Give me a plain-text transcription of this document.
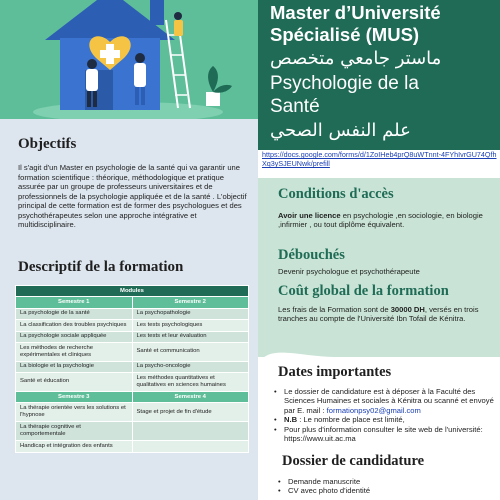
Master d’Université
Spécialisé (MUS)
ماستر جامعي متخصص
Psychologie de la
Santé
علم النفس الصحي
https://docs.google.com/forms/d/1ZoIHeb4prQ8uWTnnt-4FYhIvrGU74QfhXq3ySJEUNwk/prefill
Objectifs
Il s'agit d'un Master en psychologie de la santé qui va garantir une formation scientifique : théorique, méthodologique et pratique assurée par un groupe de professeurs universitaires et de professionnels de la psychologie appliquée et de la santé . L'objectif principal de cette formation est de former des psychologues et des psychothérapeutes selon une approche intégrative et multidisciplinaire.
Descriptif de la formation
Modules	
Semestre 1	Semestre 2
La psychologie de la santé	La psychopathologie
La classification des troubles psychiques	Les tests psychologiques
La psychologie sociale appliquée	Les tests et leur évaluation
Les méthodes de recherche expérimentales et cliniques	Santé et communication
La biologie et la psychologie	La psycho-oncologie
Santé et éducation	Les méthodes quantitatives et qualitatives en sciences humaines
Semestre 3	Semestre 4
La thérapie orientée vers les solutions et l'hypnose	Stage et projet de fin d'étude
La thérapie cognitive et comportementale	
Handicap et intégration des enfants	
Conditions d'accès
Avoir une licence en psychologie ,en sociologie, en biologie ,infirmier , ou tout diplôme équivalent.
Débouchés
Devenir psychologue et psychothérapeute
Coût global de la formation
Les frais de la Formation sont de 30000 DH, versés en trois tranches au compte de l'Université Ibn Tofail de Kénitra.
Dates importantes
• Le dossier de candidature est à déposer à la Faculté des Sciences Humaines et sociales à Kénitra ou scanné et envoyé par E. mail : formationpsy02@gmail.com
• N.B : Le nombre de place est limité,
• Pour plus d'information consulter le site web de l'université: https://www.uit.ac.ma
Dossier de candidature
• Demande manuscrite
• CV avec photo d'identité
